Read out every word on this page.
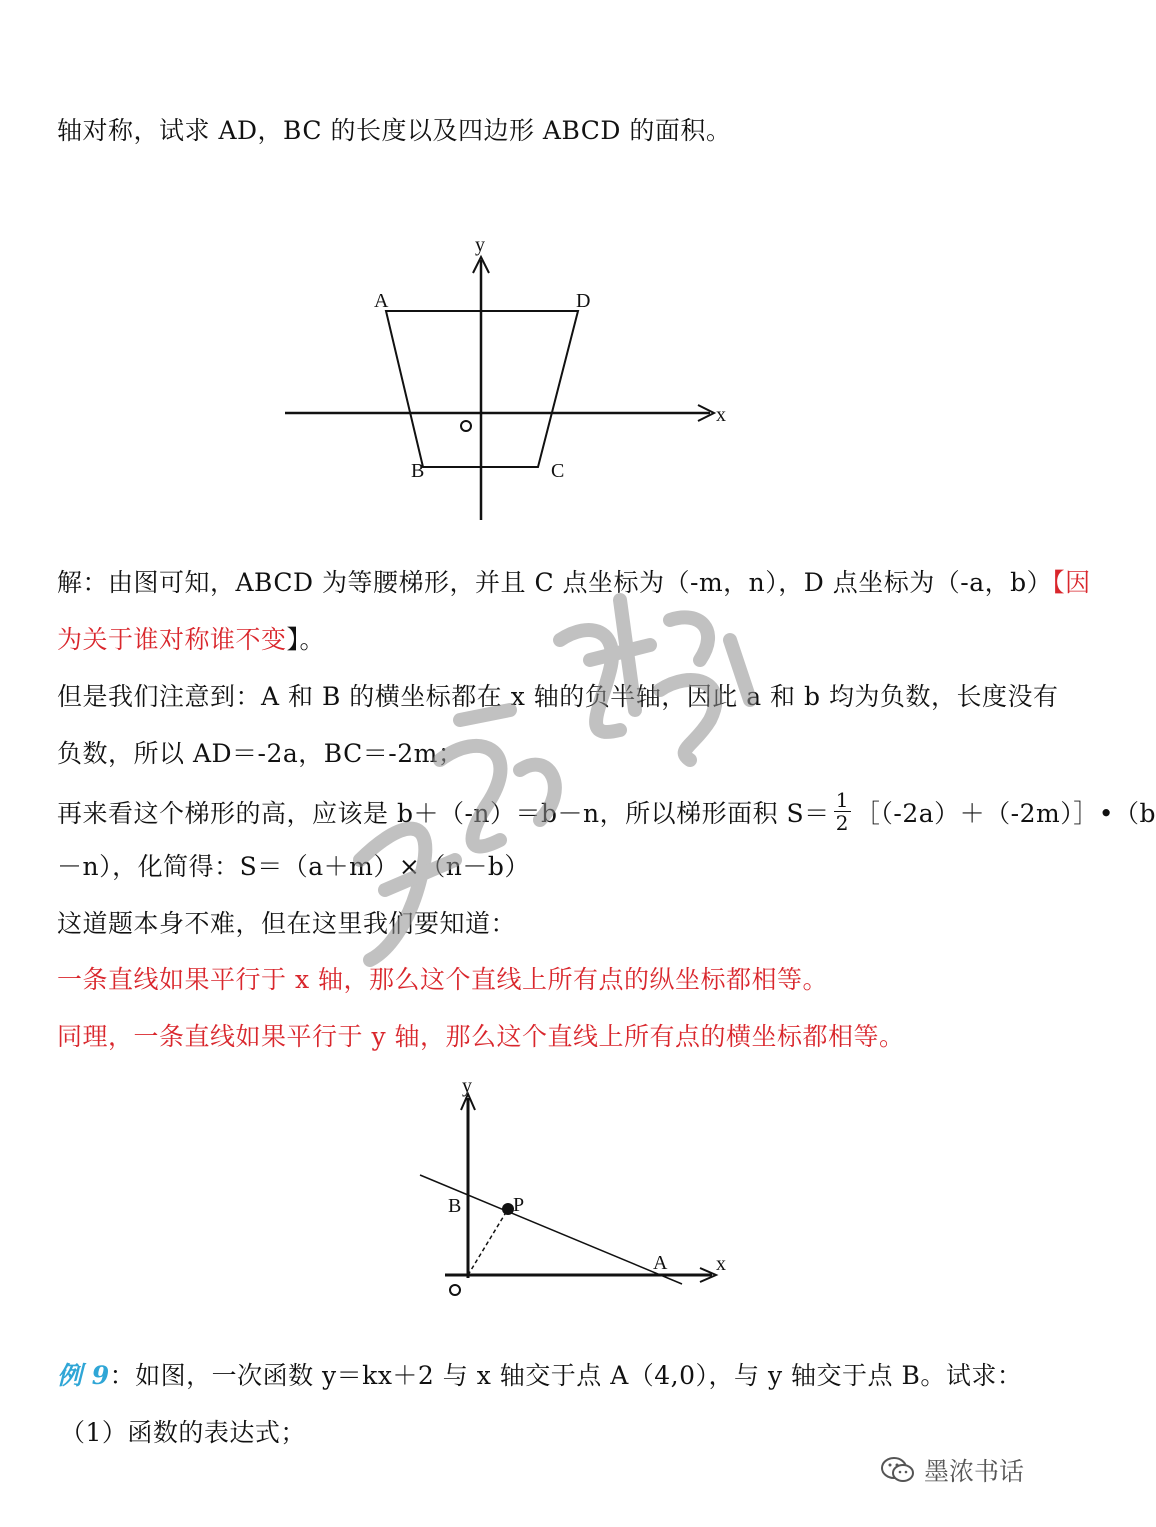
轴对称，试求 AD，BC 的长度以及四边形 ABCD 的面积。
y
x
A	D
B	C
解：由图可知，ABCD 为等腰梯形，并且 C 点坐标为（-m，n），D 点坐标为（-a，b）【因
为关于谁对称谁不变】。
但是我们注意到：A 和 B 的横坐标都在 x 轴的负半轴，因此 a 和 b 均为负数，长度没有
负数，所以 AD＝-2a，BC＝-2m；
再来看这个梯形的高，应该是 b＋（-n）＝b－n，所以梯形面积 $S= \frac{1}{2}$ ［（-2a）＋（-2m）］•（b
－n），化简得：S＝（a＋m）×（n－b）
这道题本身不难，但在这里我们要知道：
一条直线如果平行于 x 轴，那么这个直线上所有点的纵坐标都相等。
同理，一条直线如果平行于 y 轴，那么这个直线上所有点的横坐标都相等。
y
x
B	P
A
例 9：如图，一次函数 y＝kx＋2 与 x 轴交于点 A（4,0），与 y 轴交于点 B。试求：
（1）函数的表达式；
墨浓书话
